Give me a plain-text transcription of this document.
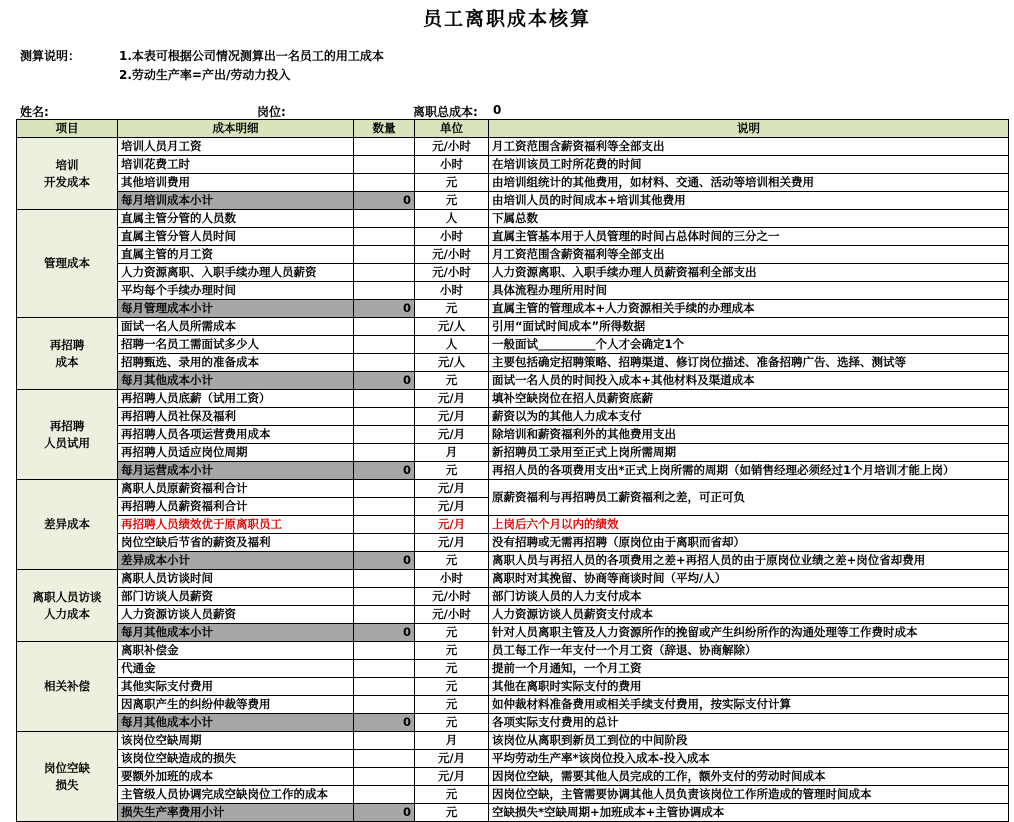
员工离职成本核算
测算说明：	1.本表可根据公司情况测算出一名员工的用工成本
2.劳动生产率=产出/劳动力投入
姓名:	岗位:	离职总成本: 0
项目	成本明细	数量	单位	说明
培训
开发成本	培训人员月工资		元/小时	月工资范围含薪资福利等全部支出
	培训花费工时		小时	在培训该员工时所花费的时间
	其他培训费用		元	由培训组统计的其他费用，如材料、交通、活动等培训相关费用
	每月培训成本小计	0	元	由培训人员的时间成本+培训其他费用
管理成本	直属主管分管的人员数		人	下属总数
	直属主管分管人员时间		小时	直属主管基本用于人员管理的时间占总体时间的三分之一
	直属主管的月工资		元/小时	月工资范围含薪资福利等全部支出
	人力资源离职、入职手续办理人员薪资		元/小时	人力资源离职、入职手续办理人员薪资福利全部支出
	平均每个手续办理时间		小时	具体流程办理所用时间
	每月管理成本小计	0	元	直属主管的管理成本+人力资源相关手续的办理成本
再招聘
成本	面试一名人员所需成本		元/人	引用“面试时间成本”所得数据
	招聘一名员工需面试多少人		人	一般面试__________个人才会确定1个
	招聘甄选、录用的准备成本		元/人	主要包括确定招聘策略、招聘渠道、修订岗位描述、准备招聘广告、选择、测试等
	每月其他成本小计	0	元	面试一名人员的时间投入成本+其他材料及渠道成本
再招聘
人员试用	再招聘人员底薪（试用工资）		元/月	填补空缺岗位在招人员薪资底薪
	再招聘人员社保及福利		元/月	薪资以为的其他人力成本支付
	再招聘人员各项运营费用成本		元/月	除培训和薪资福利外的其他费用支出
	再招聘人员适应岗位周期		月	新招聘员工录用至正式上岗所需周期
	每月运营成本小计	0	元	再招人员的各项费用支出*正式上岗所需的周期（如销售经理必须经过1个月培训才能上岗）
差异成本	离职人员原薪资福利合计		元/月	原薪资福利与再招聘员工薪资福利之差，可正可负
	再招聘人员薪资福利合计		元/月	
	再招聘人员绩效优于原离职员工		元/月	上岗后六个月以内的绩效
	岗位空缺后节省的薪资及福利		元/月	没有招聘或无需再招聘（原岗位由于离职而省却）
	差异成本小计	0	元	离职人员与再招人员的各项费用之差+再招人员的由于原岗位业绩之差+岗位省却费用
离职人员访谈
人力成本	离职人员访谈时间		小时	离职时对其挽留、协商等商谈时间（平均/人）
	部门访谈人员薪资		元/小时	部门访谈人员的人力支付成本
	人力资源访谈人员薪资		元/小时	人力资源访谈人员薪资支付成本
	每月其他成本小计	0	元	针对人员离职主管及人力资源所作的挽留或产生纠纷所作的沟通处理等工作费时成本
相关补偿	离职补偿金		元	员工每工作一年支付一个月工资（辞退、协商解除）
	代通金		元	提前一个月通知，一个月工资
	其他实际支付费用		元	其他在离职时实际支付的费用
	因离职产生的纠纷仲裁等费用		元	如仲裁材料准备费用或相关手续支付费用，按实际支付计算
	每月其他成本小计	0	元	各项实际支付费用的总计
岗位空缺
损失	该岗位空缺周期		月	该岗位从离职到新员工到位的中间阶段
	该岗位空缺造成的损失		元/月	平均劳动生产率*该岗位投入成本-投入成本
	要额外加班的成本		元/月	因岗位空缺，需要其他人员完成的工作，额外支付的劳动时间成本
	主管级人员协调完成空缺岗位工作的成本		元	因岗位空缺，主管需要协调其他人员负责该岗位工作所造成的管理时间成本
	损失生产率费用小计	0	元	空缺损失*空缺周期+加班成本+主管协调成本
